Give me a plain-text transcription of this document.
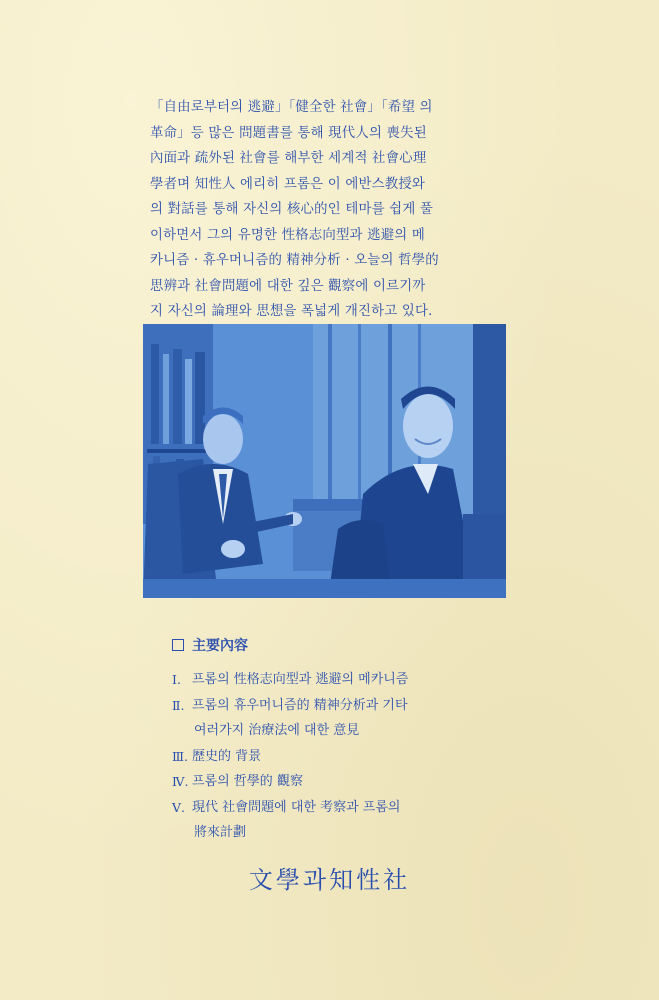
「自由로부터의 逃避」「健全한 社會」「希望 의
革命」등 많은 問題書를 통해 現代人의 喪失된
內面과 疏外된 社會를 해부한 세계적 社會心理
學者며 知性人 에리히 프롬은 이 에반스教授와
의 對話를 통해 자신의 核心的인 테마를 쉽게 풀
이하면서 그의 유명한 性格志向型과 逃避의 메
카니즘 · 휴우머니즘的 精神分析 · 오늘의 哲學的
思辨과 社會問題에 대한 깊은 觀察에 이르기까
지 자신의 論理와 思想을 폭넓게 개진하고 있다.
主要內容
Ⅰ. 프롬의 性格志向型과 逃避의 메카니즘
Ⅱ. 프롬의 휴우머니즘的 精神分析과 기타
여러가지 治療法에 대한 意見
Ⅲ. 歷史的 背景
Ⅳ. 프롬의 哲學的 觀察
Ⅴ. 現代 社會問題에 대한 考察과 프롬의
將來計劃
文學과知性社
